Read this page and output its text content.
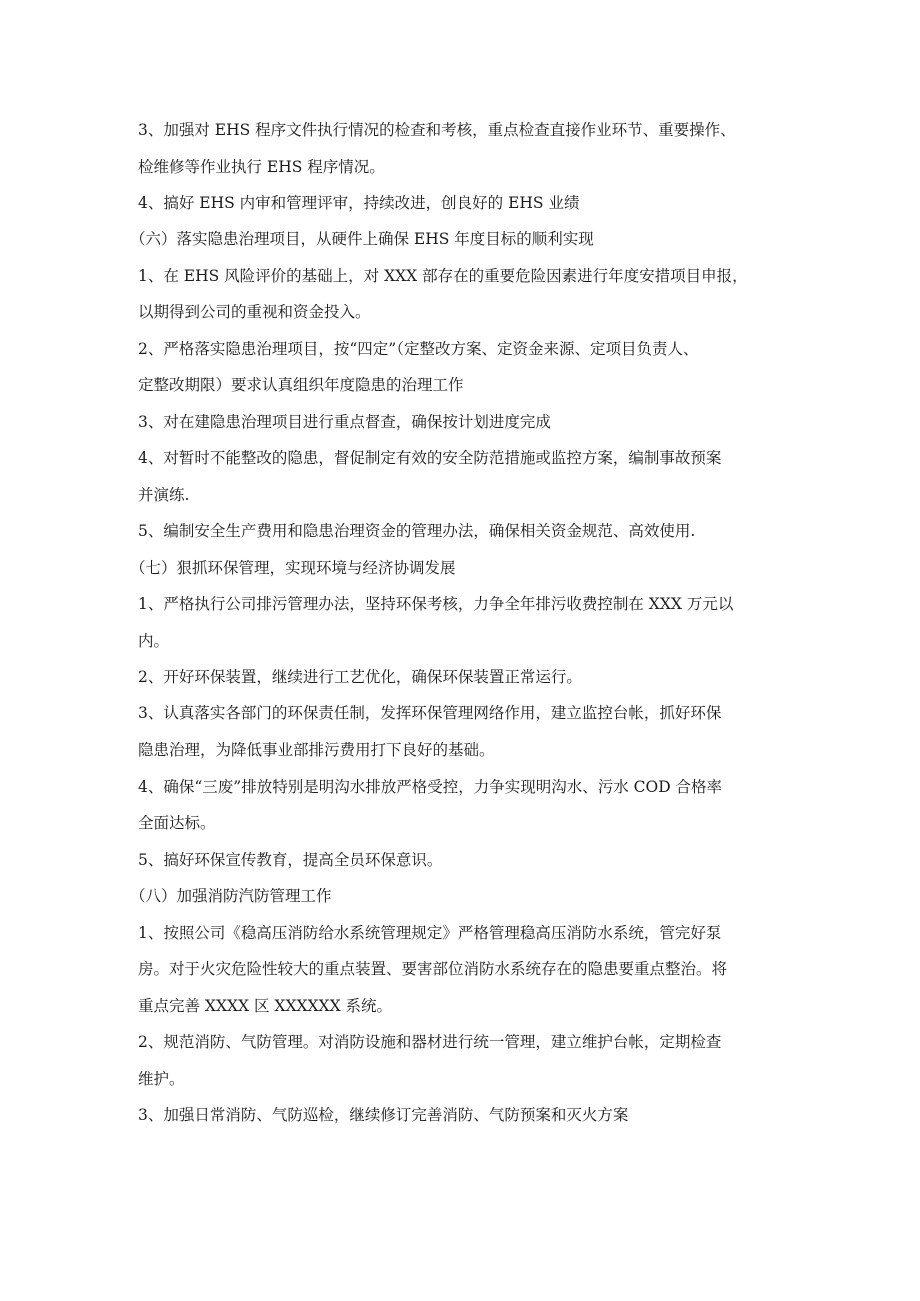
3、加强对 EHS 程序文件执行情况的检查和考核，重点检查直接作业环节、重要操作、

检维修等作业执行 EHS 程序情况。

4、搞好 EHS 内审和管理评审，持续改进，创良好的 EHS 业绩

（六）落实隐患治理项目，从硬件上确保 EHS 年度目标的顺利实现

1、在 EHS 风险评价的基础上，对 XXX 部存在的重要危险因素进行年度安措项目申报，

以期得到公司的重视和资金投入。

2、严格落实隐患治理项目，按“四定”（定整改方案、定资金来源、定项目负责人、

定整改期限）要求认真组织年度隐患的治理工作

3、对在建隐患治理项目进行重点督查，确保按计划进度完成

4、对暂时不能整改的隐患，督促制定有效的安全防范措施或监控方案，编制事故预案

并演练.

5、编制安全生产费用和隐患治理资金的管理办法，确保相关资金规范、高效使用.

（七）狠抓环保管理，实现环境与经济协调发展

1、严格执行公司排污管理办法，坚持环保考核，力争全年排污收费控制在 XXX 万元以

内。

2、开好环保装置，继续进行工艺优化，确保环保装置正常运行。

3、认真落实各部门的环保责任制，发挥环保管理网络作用，建立监控台帐，抓好环保

隐患治理，为降低事业部排污费用打下良好的基础。

4、确保“三废”排放特别是明沟水排放严格受控，力争实现明沟水、污水 COD 合格率

全面达标。

5、搞好环保宣传教育，提高全员环保意识。

（八）加强消防汽防管理工作

1、按照公司《稳高压消防给水系统管理规定》严格管理稳高压消防水系统，管完好泵

房。对于火灾危险性较大的重点装置、要害部位消防水系统存在的隐患要重点整治。将

重点完善 XXXX 区 XXXXXX 系统。

2、规范消防、气防管理。对消防设施和器材进行统一管理，建立维护台帐，定期检查

维护。

3、加强日常消防、气防巡检，继续修订完善消防、气防预案和灭火方案
